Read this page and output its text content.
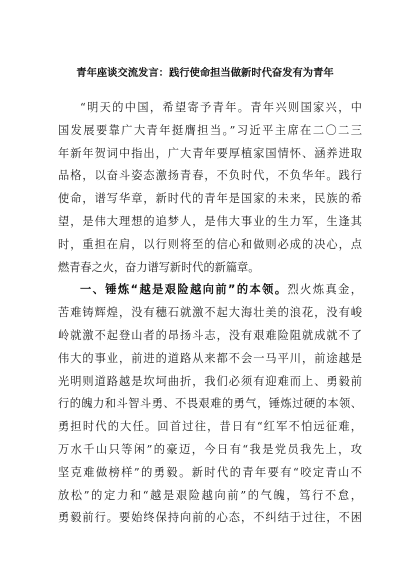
青年座谈交流发言：践行使命担当做新时代奋发有为青年
“明天的中国，希望寄予青年。青年兴则国家兴，中
国发展要靠广大青年挺膺担当。”习近平主席在二〇二三
年新年贺词中指出，广大青年要厚植家国情怀、涵养进取
品格，以奋斗姿态激扬青春，不负时代，不负华年。践行
使命，谱写华章，新时代的青年是国家的未来，民族的希
望，是伟大理想的追梦人，是伟大事业的生力军，生逢其
时，重担在肩，以行则将至的信心和做则必成的决心，点
燃青春之火，奋力谱写新时代的新篇章。
一、锤炼“越是艰险越向前”的本领。烈火炼真金，
苦难铸辉煌，没有穗石就激不起大海壮美的浪花，没有峻
岭就激不起登山者的昂扬斗志，没有艰难险阻就成就不了
伟大的事业，前进的道路从来都不会一马平川，前途越是
光明则道路越是坎坷曲折，我们必须有迎难而上、勇毅前
行的魄力和斗智斗勇、不畏艰难的勇气，锤炼过硬的本领、
勇担时代的大任。回首过往，昔日有“红军不怕远征难，
万水千山只等闲”的豪迈，今日有“我是党员我先上，攻
坚克难做榜样”的勇毅。新时代的青年要有“咬定青山不
放松”的定力和“越是艰险越向前”的气魄，笃行不怠，
勇毅前行。要始终保持向前的心态，不纠结于过往，不困
